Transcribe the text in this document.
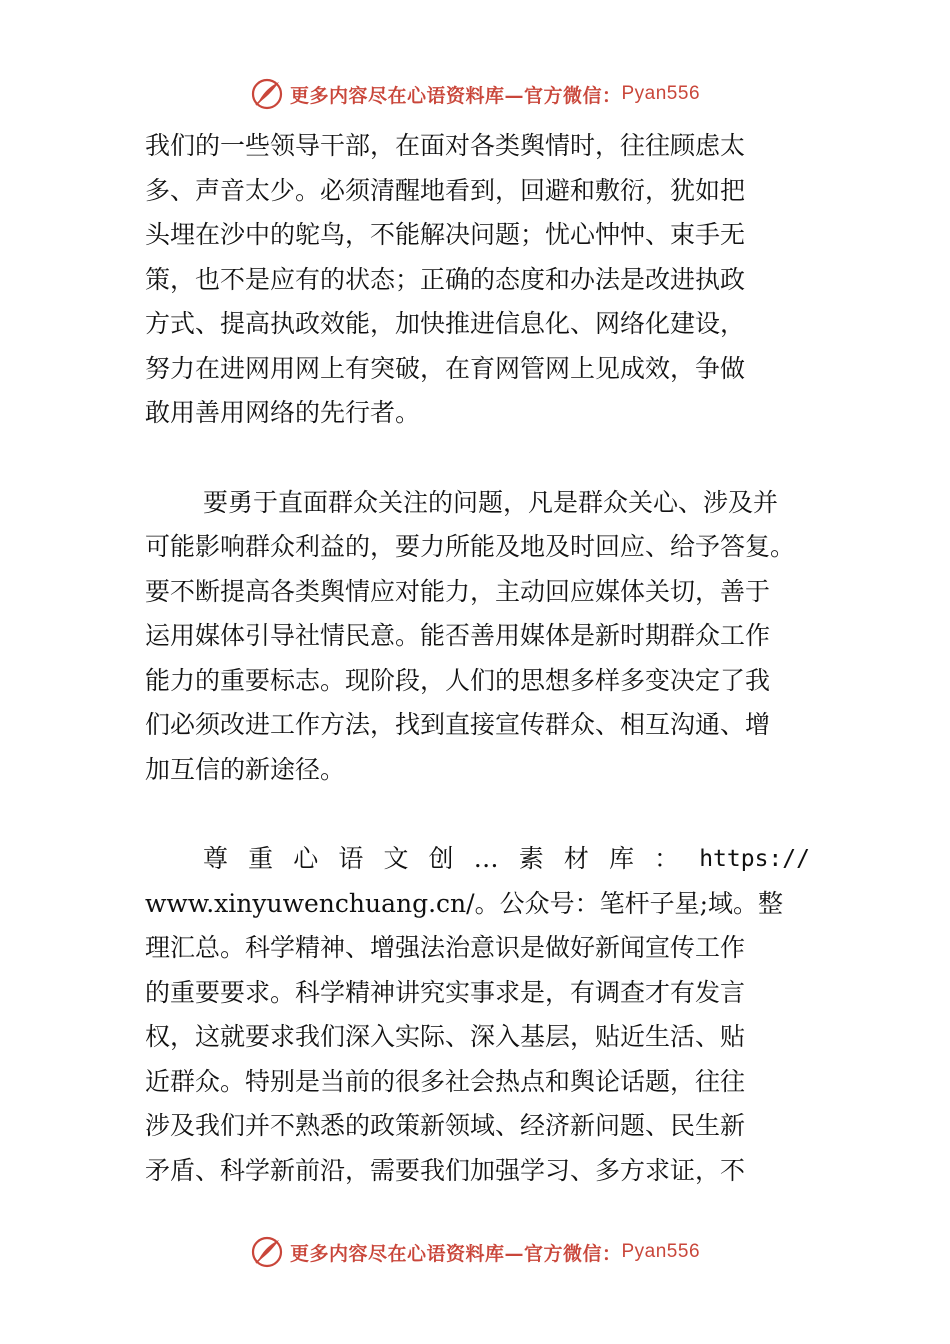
更多内容尽在心语资料库—官方微信： Pyan556
我们的一些领导干部，在面对各类舆情时，往往顾虑太
多、声音太少。必须清醒地看到，回避和敷衍，犹如把
头埋在沙中的鸵鸟，不能解决问题；忧心忡忡、束手无
策，也不是应有的状态；正确的态度和办法是改进执政
方式、提高执政效能，加快推进信息化、网络化建设，
努力在进网用网上有突破，在育网管网上见成效，争做
敢用善用网络的先行者。
要勇于直面群众关注的问题，凡是群众关心、涉及并
可能影响群众利益的，要力所能及地及时回应、给予答复。
要不断提高各类舆情应对能力，主动回应媒体关切，善于
运用媒体引导社情民意。能否善用媒体是新时期群众工作
能力的重要标志。现阶段，人们的思想多样多变决定了我
们必须改进工作方法，找到直接宣传群众、相互沟通、增
加互信的新途径。
尊 重 心 语 文 创 … 素 材 库 ： https://
www.xinyuwenchuang.cn/。公众号：笔杆子星;域。整
理汇总。科学精神、增强法治意识是做好新闻宣传工作
的重要要求。科学精神讲究实事求是，有调查才有发言
权，这就要求我们深入实际、深入基层，贴近生活、贴
近群众。特别是当前的很多社会热点和舆论话题，往往
涉及我们并不熟悉的政策新领域、经济新问题、民生新
矛盾、科学新前沿，需要我们加强学习、多方求证，不
更多内容尽在心语资料库—官方微信： Pyan556
